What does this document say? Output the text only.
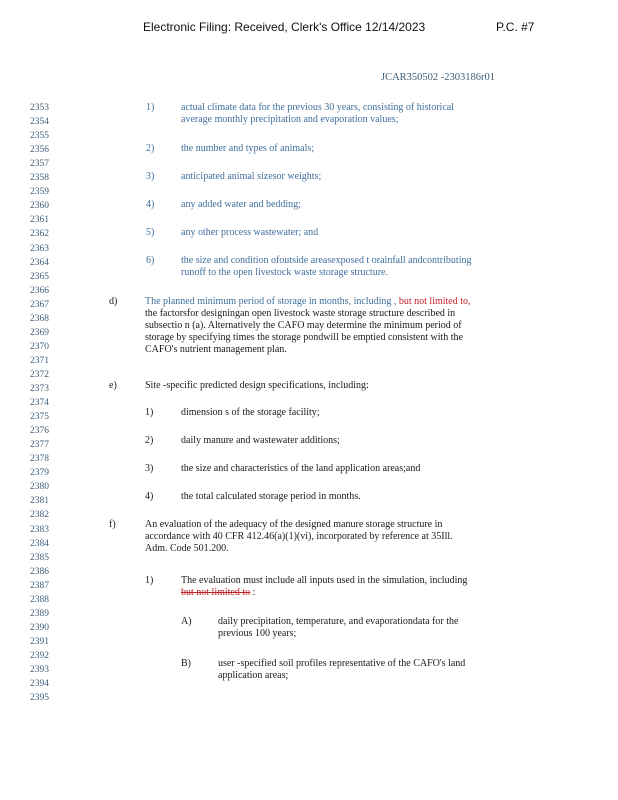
Electronic Filing: Received, Clerk's Office 12/14/2023	P.C. #7
JCAR350502 -2303186r01
2353
2354
2355
2356
2357
2358
2359
2360
2361
2362
2363
2364
2365
2366
2367
2368
2369
2370
2371
2372
2373
2374
2375
2376
2377
2378
2379
2380
2381
2382
2383
2384
2385
2386
2387
2388
2389
2390
2391
2392
2393
2394
2395
1)	actual climate data for the previous 30 years, consisting of historical
average monthly precipitation and evaporation values;
2)	the number and types of animals;
3)	anticipated animal sizesor weights;
4)	any added water and bedding;
5)	any other process wastewater; and
6)	the size and condition ofoutside areasexposed t orainfall andcontributing
runoff to the open livestock waste storage structure.
d)	The planned minimum period of storage in months, including , but not limited to,
the factorsfor designingan open livestock waste storage structure described in
subsectio n (a). Alternatively the CAFO may determine the minimum period of
storage by specifying times the storage pondwill be emptied consistent with the
CAFO's nutrient management plan.
e)	Site -specific predicted design specifications, including:
1)	dimension s of the storage facility;
2)	daily manure and wastewater additions;
3)	the size and characteristics of the land application areas;and
4)	the total calculated storage period in months.
f)	An evaluation of the adequacy of the designed manure storage structure in
accordance with 40 CFR 412.46(a)(1)(vi), incorporated by reference at 35Ill.
Adm. Code 501.200.
1)	The evaluation must include all inputs used in the simulation, including
but not limited to :
A)	daily precipitation, temperature, and evaporationdata for the
previous 100 years;
B)	user -specified soil profiles representative of the CAFO's land
application areas;
